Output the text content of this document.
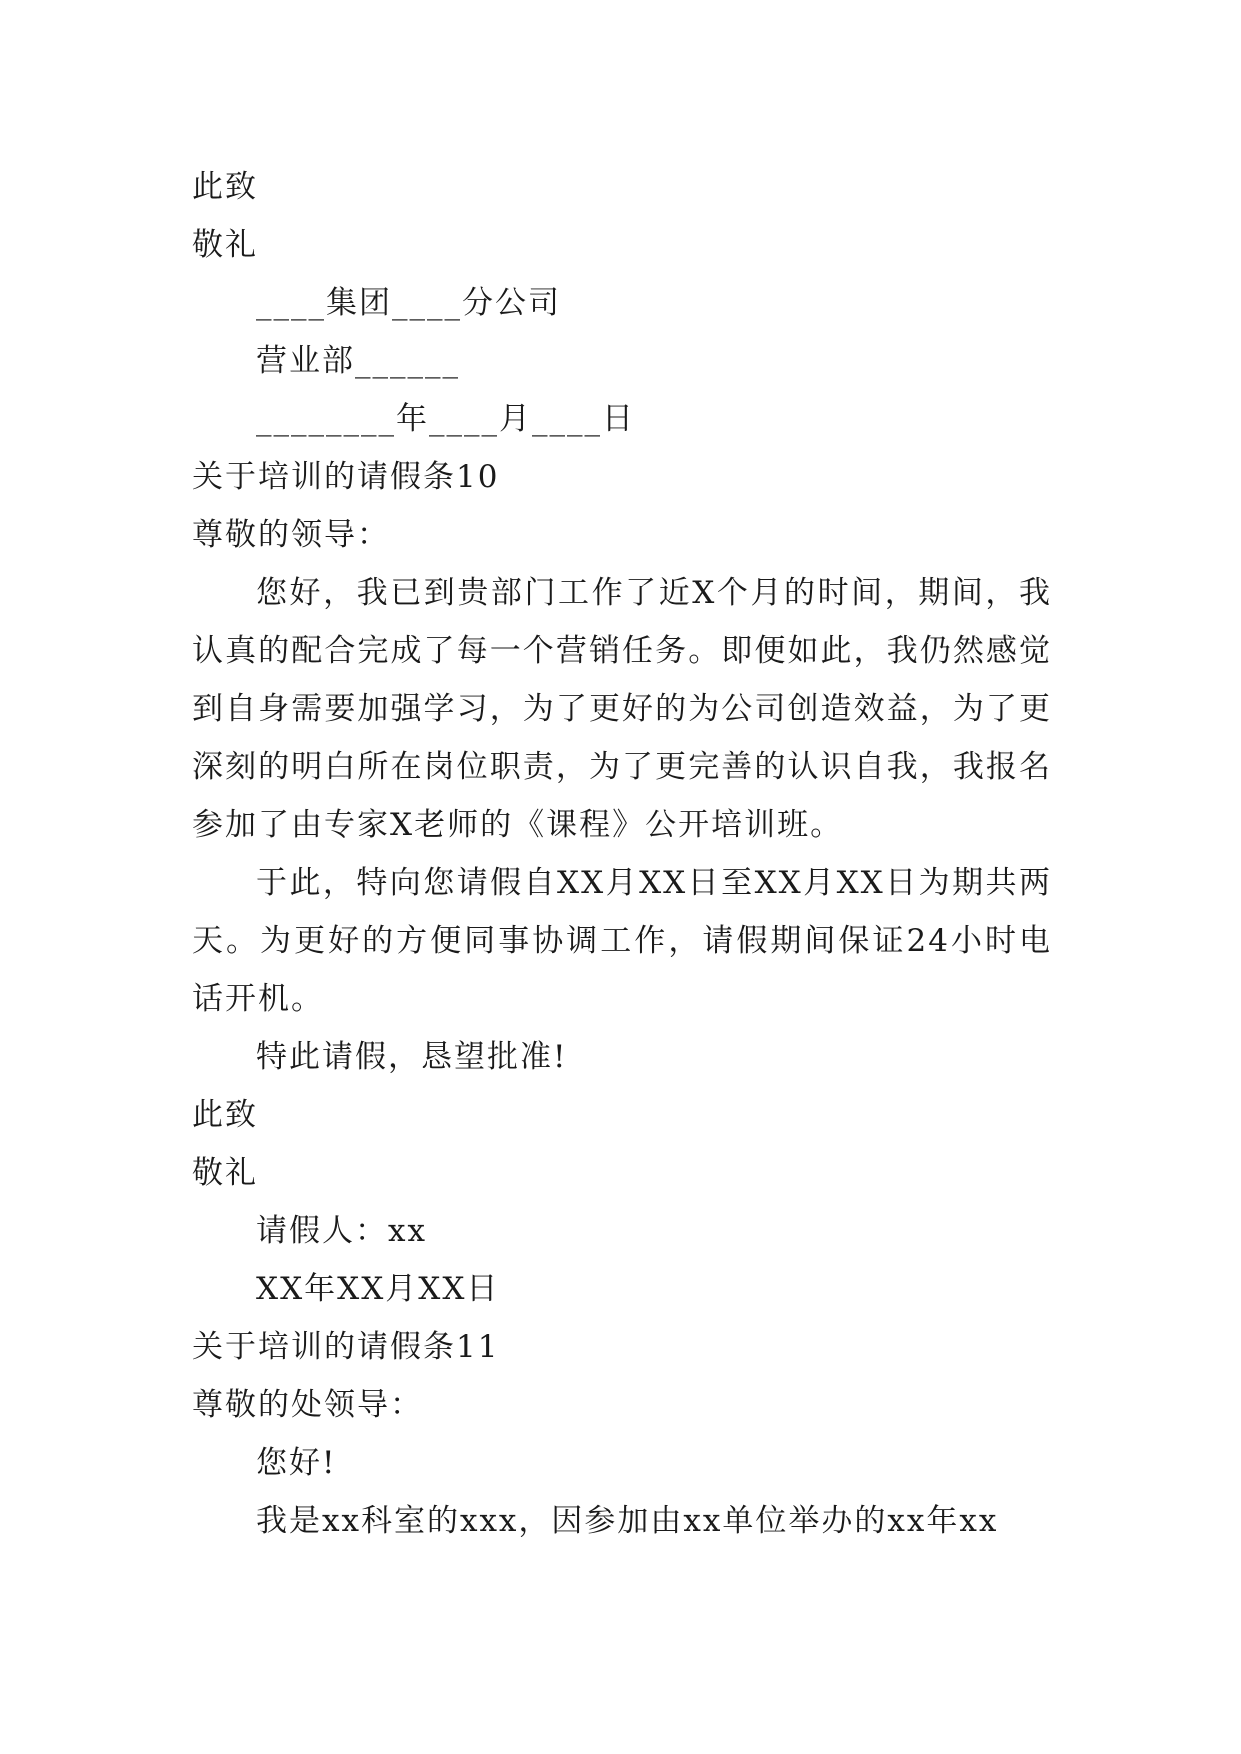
此致
敬礼
____集团____分公司
营业部______
________年____月____日
关于培训的请假条10
尊敬的领导：
您好，我已到贵部门工作了近X个月的时间，期间，我认真的配合完成了每一个营销任务。即便如此，我仍然感觉到自身需要加强学习，为了更好的为公司创造效益，为了更深刻的明白所在岗位职责，为了更完善的认识自我，我报名参加了由专家X老师的《课程》公开培训班。
于此，特向您请假自XX月XX日至XX月XX日为期共两天。为更好的方便同事协调工作，请假期间保证24小时电话开机。
特此请假，恳望批准!
此致
敬礼
请假人：xx
XX年XX月XX日
关于培训的请假条11
尊敬的处领导：
您好!
我是xx科室的xxx，因参加由xx单位举办的xx年xx
